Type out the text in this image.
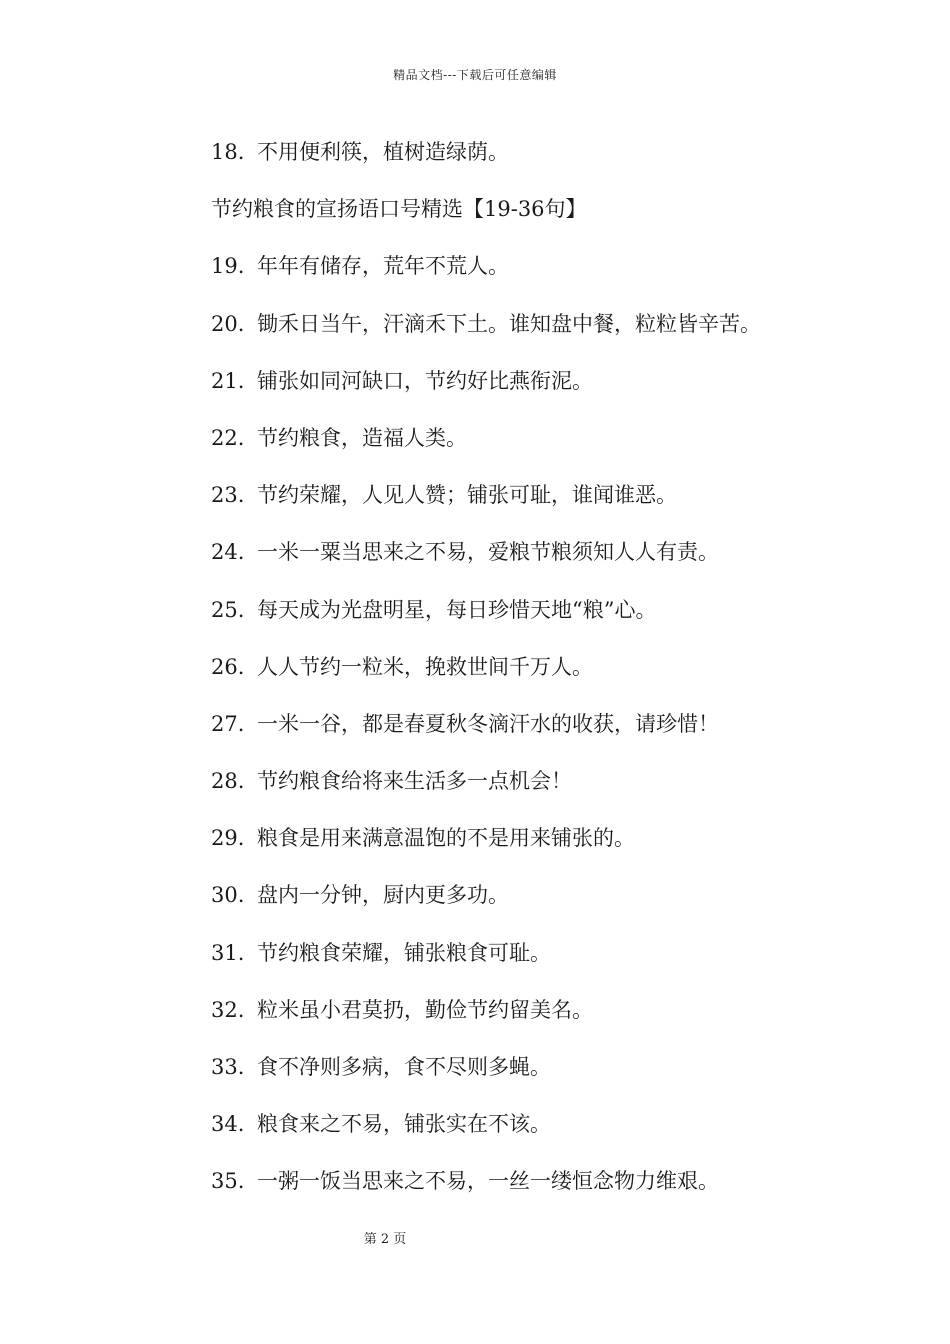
精品文档---下载后可任意编辑
18. 不用便利筷，植树造绿荫。
节约粮食的宣扬语口号精选【19-36句】
19. 年年有储存，荒年不荒人。
20. 锄禾日当午，汗滴禾下土。谁知盘中餐，粒粒皆辛苦。
21. 铺张如同河缺口，节约好比燕衔泥。
22. 节约粮食，造福人类。
23. 节约荣耀，人见人赞；铺张可耻，谁闻谁恶。
24. 一米一粟当思来之不易，爱粮节粮须知人人有责。
25. 每天成为光盘明星，每日珍惜天地“粮”心。
26. 人人节约一粒米，挽救世间千万人。
27. 一米一谷，都是春夏秋冬滴汗水的收获，请珍惜！
28. 节约粮食给将来生活多一点机会！
29. 粮食是用来满意温饱的不是用来铺张的。
30. 盘内一分钟，厨内更多功。
31. 节约粮食荣耀，铺张粮食可耻。
32. 粒米虽小君莫扔，勤俭节约留美名。
33. 食不净则多病，食不尽则多蝇。
34. 粮食来之不易，铺张实在不该。
35. 一粥一饭当思来之不易，一丝一缕恒念物力维艰。
第 2 页
